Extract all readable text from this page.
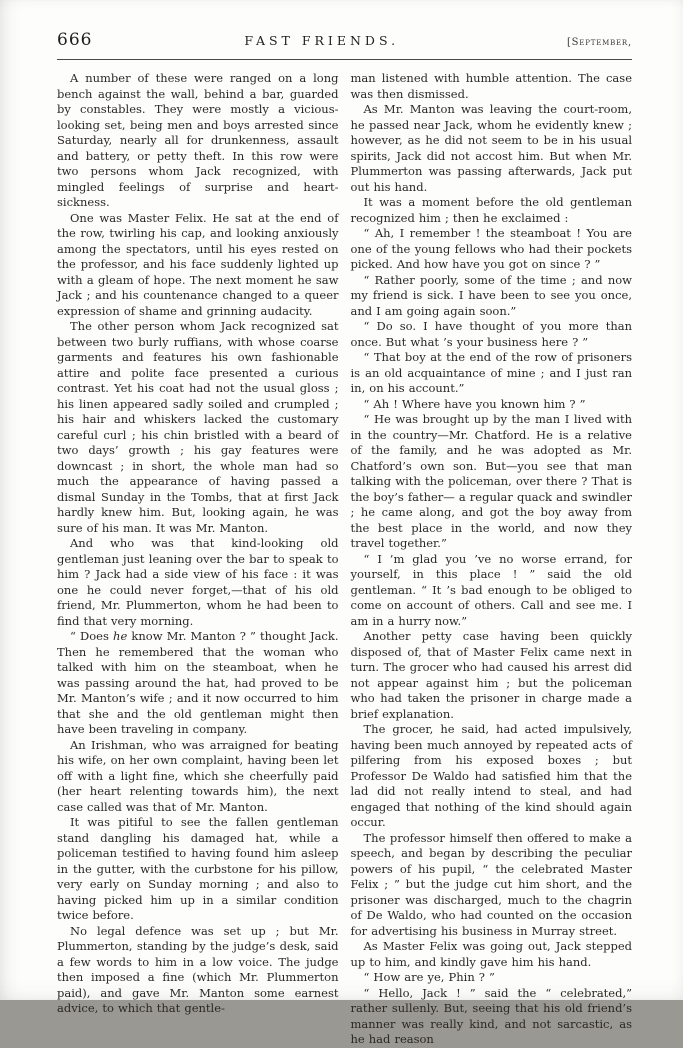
666	FAST FRIENDS.	[September,

A number of these were ranged on a long bench against the wall, behind a bar, guarded by constables. They were mostly a vicious-looking set, being men and boys arrested since Saturday, nearly all for drunkenness, assault and battery, or petty theft. In this row were two persons whom Jack recognized, with mingled feelings of surprise and heart-sickness.

One was Master Felix. He sat at the end of the row, twirling his cap, and looking anxiously among the spectators, until his eyes rested on the professor, and his face suddenly lighted up with a gleam of hope. The next moment he saw Jack ; and his countenance changed to a queer expression of shame and grinning audacity.

The other person whom Jack recognized sat between two burly ruffians, with whose coarse garments and features his own fashionable attire and polite face presented a curious contrast. Yet his coat had not the usual gloss ; his linen appeared sadly soiled and crumpled ; his hair and whiskers lacked the customary careful curl ; his chin bristled with a beard of two days’ growth ; his gay features were downcast ; in short, the whole man had so much the appearance of having passed a dismal Sunday in the Tombs, that at first Jack hardly knew him. But, looking again, he was sure of his man. It was Mr. Manton.

And who was that kind-looking old gentleman just leaning over the bar to speak to him ? Jack had a side view of his face : it was one he could never forget,—that of his old friend, Mr. Plummerton, whom he had been to find that very morning.

“ Does he know Mr. Manton ? ” thought Jack. Then he remembered that the woman who talked with him on the steamboat, when he was passing around the hat, had proved to be Mr. Manton’s wife ; and it now occurred to him that she and the old gentleman might then have been traveling in company.

An Irishman, who was arraigned for beating his wife, on her own complaint, having been let off with a light fine, which she cheerfully paid (her heart relenting towards him), the next case called was that of Mr. Manton.

It was pitiful to see the fallen gentleman stand dangling his damaged hat, while a policeman testified to having found him asleep in the gutter, with the curbstone for his pillow, very early on Sunday morning ; and also to having picked him up in a similar condition twice before.

No legal defence was set up ; but Mr. Plummerton, standing by the judge’s desk, said a few words to him in a low voice. The judge then imposed a fine (which Mr. Plummerton paid), and gave Mr. Manton some earnest advice, to which that gentle-

man listened with humble attention. The case was then dismissed.

As Mr. Manton was leaving the court-room, he passed near Jack, whom he evidently knew ; however, as he did not seem to be in his usual spirits, Jack did not accost him. But when Mr. Plummerton was passing afterwards, Jack put out his hand.

It was a moment before the old gentleman recognized him ; then he exclaimed :

“ Ah, I remember ! the steamboat ! You are one of the young fellows who had their pockets picked. And how have you got on since ? ”

“ Rather poorly, some of the time ; and now my friend is sick. I have been to see you once, and I am going again soon.”

“ Do so. I have thought of you more than once. But what ’s your business here ? ”

“ That boy at the end of the row of prisoners is an old acquaintance of mine ; and I just ran in, on his account.”

“ Ah ! Where have you known him ? ”

“ He was brought up by the man I lived with in the country—Mr. Chatford. He is a relative of the family, and he was adopted as Mr. Chatford’s own son. But—you see that man talking with the policeman, over there ? That is the boy’s father— a regular quack and swindler ; he came along, and got the boy away from the best place in the world, and now they travel together.”

“ I ’m glad you ’ve no worse errand, for yourself, in this place ! ” said the old gentleman. “ It ’s bad enough to be obliged to come on account of others. Call and see me. I am in a hurry now.”

Another petty case having been quickly disposed of, that of Master Felix came next in turn. The grocer who had caused his arrest did not appear against him ; but the policeman who had taken the prisoner in charge made a brief explanation.

The grocer, he said, had acted impulsively, having been much annoyed by repeated acts of pilfering from his exposed boxes ; but Professor De Waldo had satisfied him that the lad did not really intend to steal, and had engaged that nothing of the kind should again occur.

The professor himself then offered to make a speech, and began by describing the peculiar powers of his pupil, “ the celebrated Master Felix ; ” but the judge cut him short, and the prisoner was discharged, much to the chagrin of De Waldo, who had counted on the occasion for advertising his business in Murray street.

As Master Felix was going out, Jack stepped up to him, and kindly gave him his hand.

“ How are ye, Phin ? ”

“ Hello, Jack ! ” said the “ celebrated,” rather sullenly. But, seeing that his old friend’s manner was really kind, and not sarcastic, as he had reason
